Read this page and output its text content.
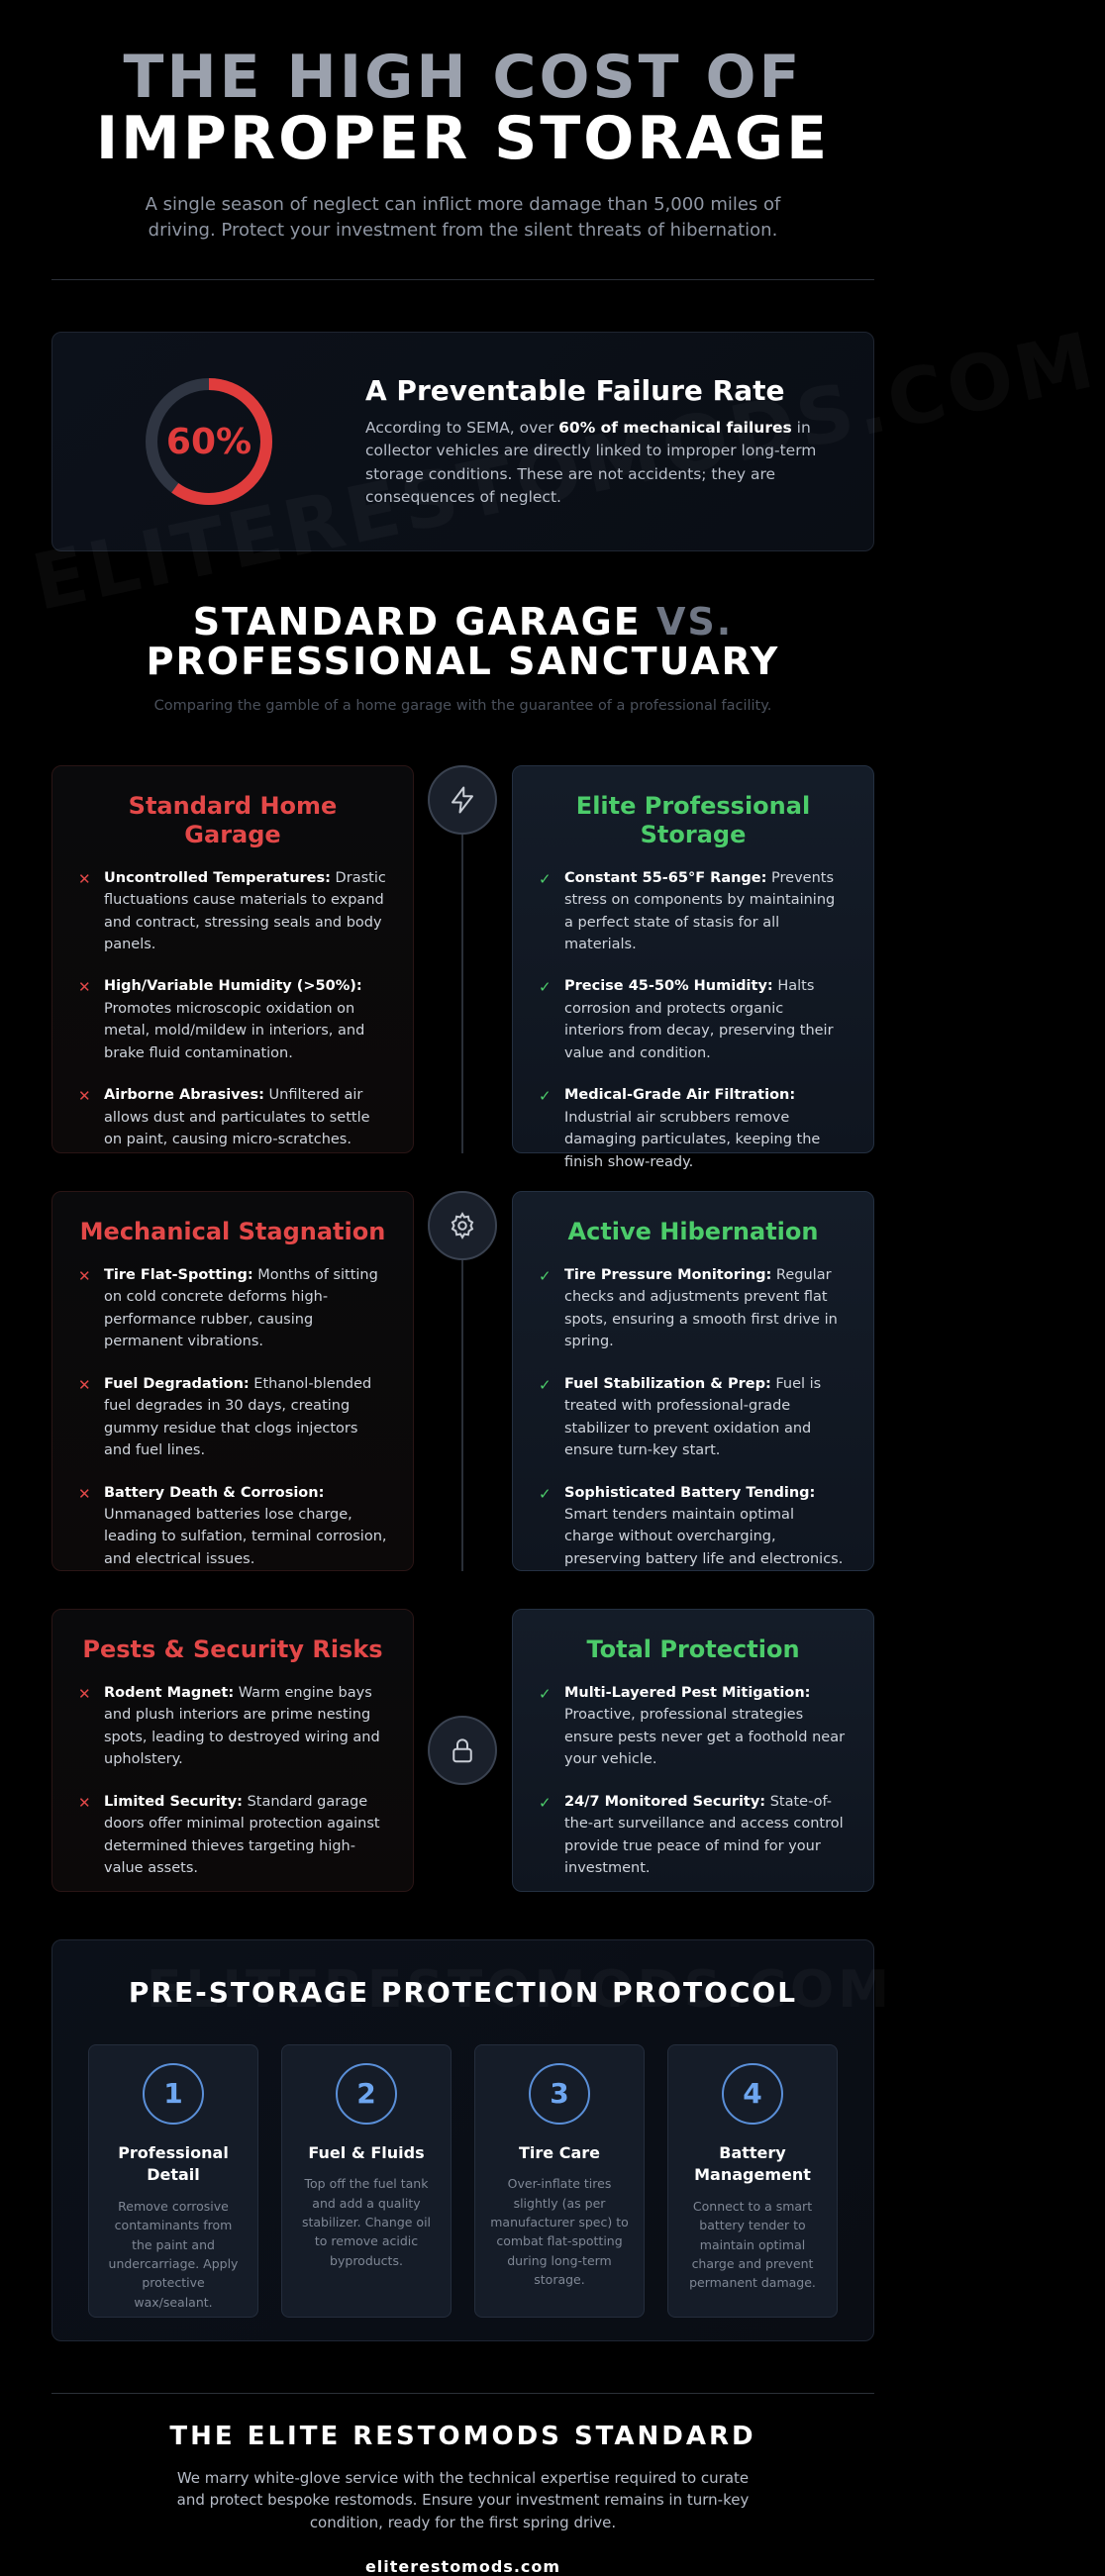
THE HIGH COST OF
IMPROPER STORAGE

A single season of neglect can inflict more damage than 5,000 miles of driving. Protect your investment from the silent threats of hibernation.

60%
A Preventable Failure Rate

According to SEMA, over 60% of mechanical failures in collector vehicles are directly linked to improper long-term storage conditions. These are not accidents; they are consequences of neglect.

STANDARD GARAGE VS.
PROFESSIONAL SANCTUARY

Comparing the gamble of a home garage with the guarantee of a professional facility.

Standard Home Garage
✕ Uncontrolled Temperatures: Drastic fluctuations cause materials to expand and contract, stressing seals and body panels.
✕ High/Variable Humidity (>50%): Promotes microscopic oxidation on metal, mold/mildew in interiors, and brake fluid contamination.
✕ Airborne Abrasives: Unfiltered air allows dust and particulates to settle on paint, causing micro-scratches.
Elite Professional Storage
✓ Constant 55-65°F Range: Prevents stress on components by maintaining a perfect state of stasis for all materials.
✓ Precise 45-50% Humidity: Halts corrosion and protects organic interiors from decay, preserving their value and condition.
✓ Medical-Grade Air Filtration: Industrial air scrubbers remove damaging particulates, keeping the finish show-ready.
Mechanical Stagnation
✕ Tire Flat-Spotting: Months of sitting on cold concrete deforms high-performance rubber, causing permanent vibrations.
✕ Fuel Degradation: Ethanol-blended fuel degrades in 30 days, creating gummy residue that clogs injectors and fuel lines.
✕ Battery Death & Corrosion: Unmanaged batteries lose charge, leading to sulfation, terminal corrosion, and electrical issues.
Active Hibernation
✓ Tire Pressure Monitoring: Regular checks and adjustments prevent flat spots, ensuring a smooth first drive in spring.
✓ Fuel Stabilization & Prep: Fuel is treated with professional-grade stabilizer to prevent oxidation and ensure turn-key start.
✓ Sophisticated Battery Tending: Smart tenders maintain optimal charge without overcharging, preserving battery life and electronics.
Pests & Security Risks
✕ Rodent Magnet: Warm engine bays and plush interiors are prime nesting spots, leading to destroyed wiring and upholstery.
✕ Limited Security: Standard garage doors offer minimal protection against determined thieves targeting high-value assets.
Total Protection
✓ Multi-Layered Pest Mitigation: Proactive, professional strategies ensure pests never get a foothold near your vehicle.
✓ 24/7 Monitored Security: State-of-the-art surveillance and access control provide true peace of mind for your investment.
PRE-STORAGE PROTECTION PROTOCOL
1
Professional Detail
Remove corrosive contaminants from the paint and undercarriage. Apply protective wax/sealant.
2
Fuel & Fluids
Top off the fuel tank and add a quality stabilizer. Change oil to remove acidic byproducts.
3
Tire Care
Over-inflate tires slightly (as per manufacturer spec) to combat flat-spotting during long-term storage.
4
Battery Management
Connect to a smart battery tender to maintain optimal charge and prevent permanent damage.
THE ELITE RESTOMODS STANDARD

We marry white-glove service with the technical expertise required to curate and protect bespoke restomods. Ensure your investment remains in turn-key condition, ready for the first spring drive.

eliterestomods.com
